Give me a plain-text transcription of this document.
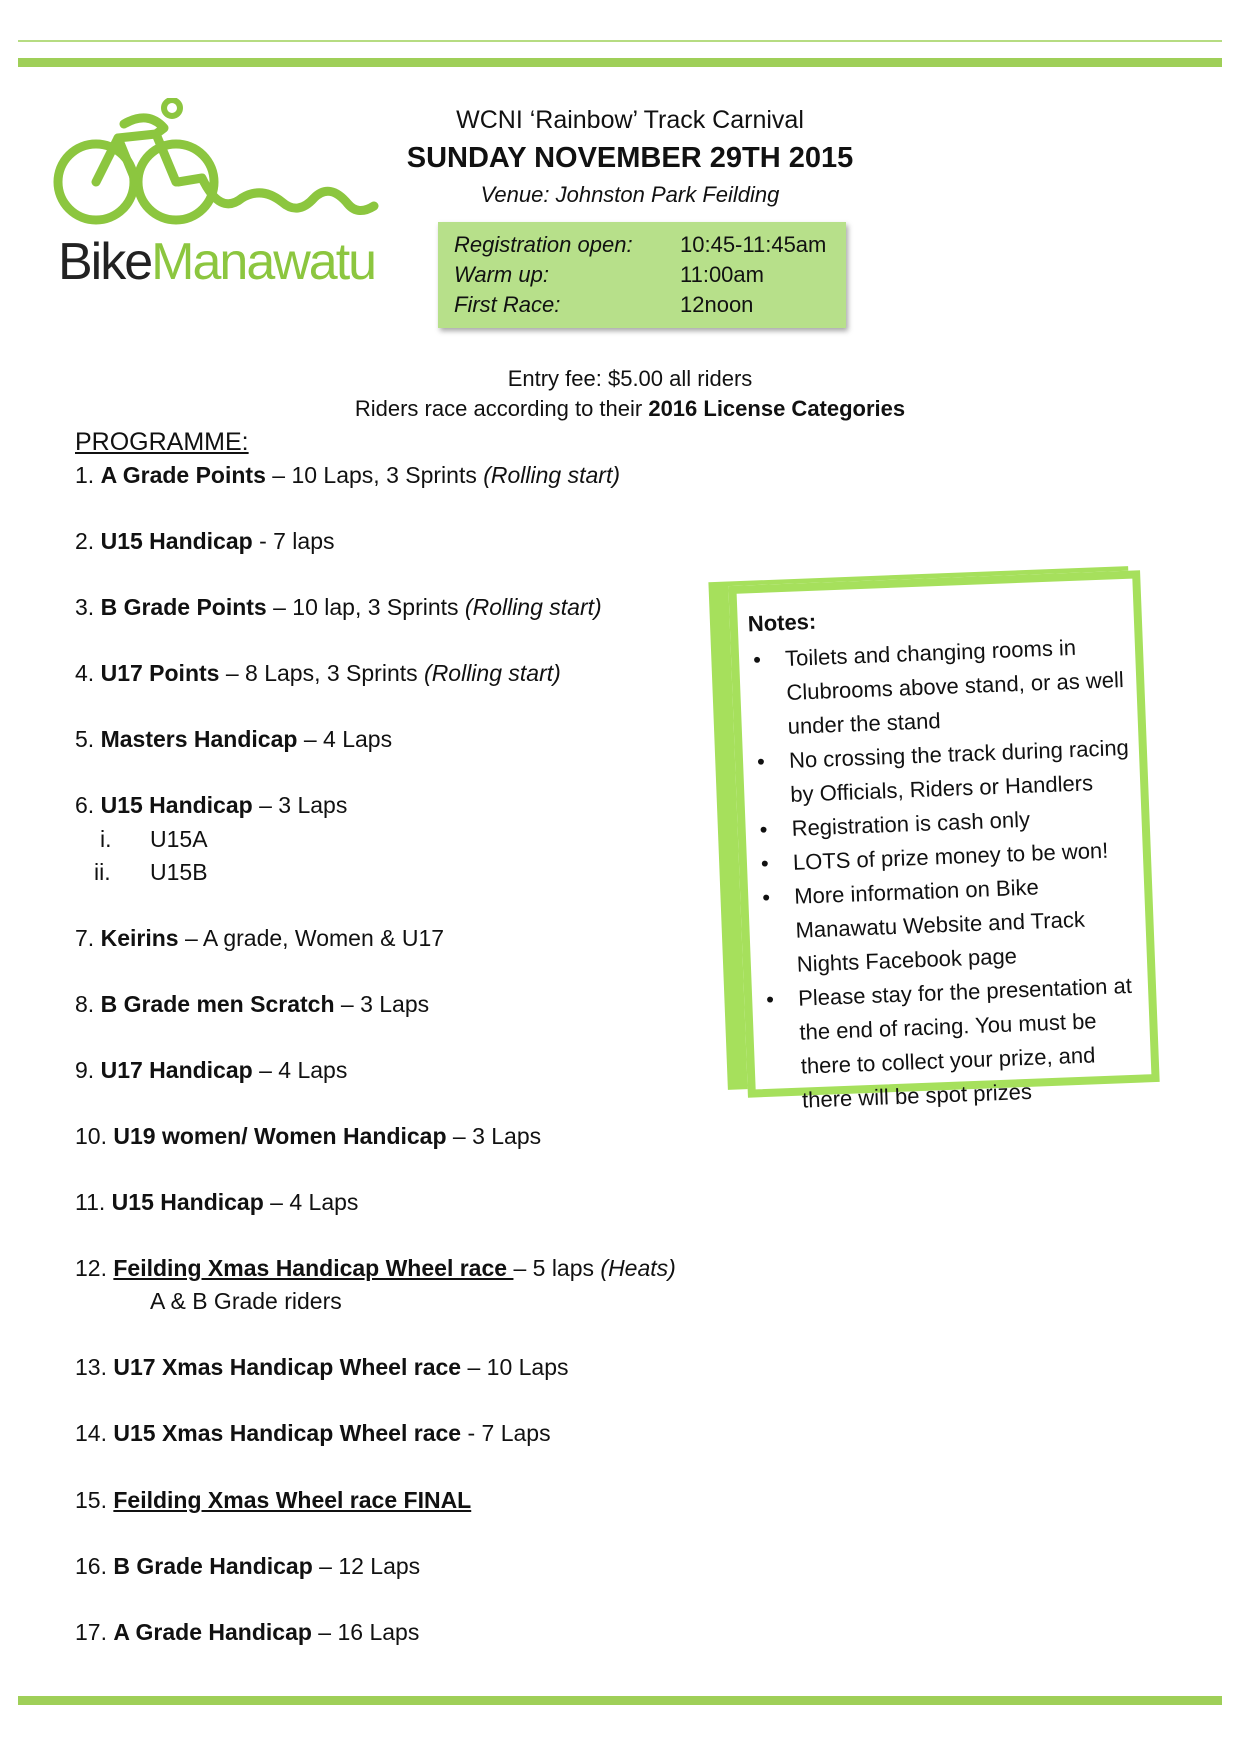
BikeManawatu
WCNI ‘Rainbow’ Track Carnival
SUNDAY NOVEMBER 29TH 2015
Venue: Johnston Park Feilding
Registration open: 10:45-11:45am
Warm up:	11:00am
First Race:	12noon
Entry fee: $5.00 all riders
Riders race according to their 2016 License Categories
PROGRAMME:
1. A Grade Points – 10 Laps, 3 Sprints (Rolling start)
2. U15 Handicap - 7 laps
3. B Grade Points – 10 lap, 3 Sprints (Rolling start)
4. U17 Points – 8 Laps, 3 Sprints (Rolling start)
5. Masters Handicap – 4 Laps
6. U15 Handicap – 3 Laps
i. U15A
ii. U15B
7. Keirins – A grade, Women & U17
8. B Grade men Scratch – 3 Laps
9. U17 Handicap – 4 Laps
10. U19 women/ Women Handicap – 3 Laps
11. U15 Handicap – 4 Laps
12. Feilding Xmas Handicap Wheel race – 5 laps (Heats)
A & B Grade riders
13. U17 Xmas Handicap Wheel race – 10 Laps
14. U15 Xmas Handicap Wheel race - 7 Laps
15. Feilding Xmas Wheel race FINAL
16. B Grade Handicap – 12 Laps
17. A Grade Handicap – 16 Laps
Notes:
• Toilets and changing rooms in Clubrooms above stand, or as well under the stand
• No crossing the track during racing by Officials, Riders or Handlers
• Registration is cash only
• LOTS of prize money to be won!
• More information on Bike Manawatu Website and Track Nights Facebook page
• Please stay for the presentation at the end of racing. You must be there to collect your prize, and there will be spot prizes
